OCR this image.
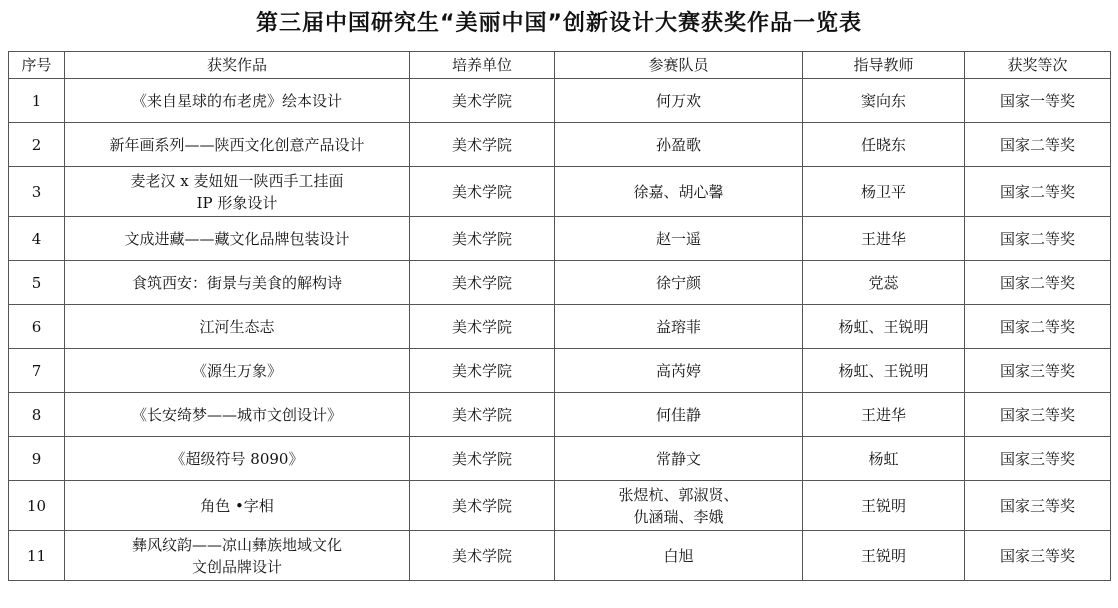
第三届中国研究生“美丽中国”创新设计大赛获奖作品一览表
序号	获奖作品	培养单位	参赛队员	指导教师	获奖等次
1	《来自星球的布老虎》绘本设计	美术学院	何万欢	窦向东	国家一等奖
2	新年画系列——陕西文化创意产品设计	美术学院	孙盈歌	任晓东	国家二等奖
3	麦老汉 x 麦妞妞一陕西手工挂面
IP 形象设计	美术学院	徐嘉、胡心馨	杨卫平	国家二等奖
4	文成进藏——藏文化品牌包装设计	美术学院	赵一遥	王进华	国家二等奖
5	食筑西安：街景与美食的解构诗	美术学院	徐宁颜	党蕊	国家二等奖
6	江河生态志	美术学院	益瑢菲	杨虹、王锐明	国家二等奖
7	《源生万象》	美术学院	高芮婷	杨虹、王锐明	国家三等奖
8	《长安绮梦——城市文创设计》	美术学院	何佳静	王进华	国家三等奖
9	《超级符号 8090》	美术学院	常静文	杨虹	国家三等奖
10	角色 •字相	美术学院	张煜杭、郭淑贤、
仇涵瑞、李娥	王锐明	国家三等奖
11	彝风纹韵——凉山彝族地域文化
文创品牌设计	美术学院	白旭	王锐明	国家三等奖
